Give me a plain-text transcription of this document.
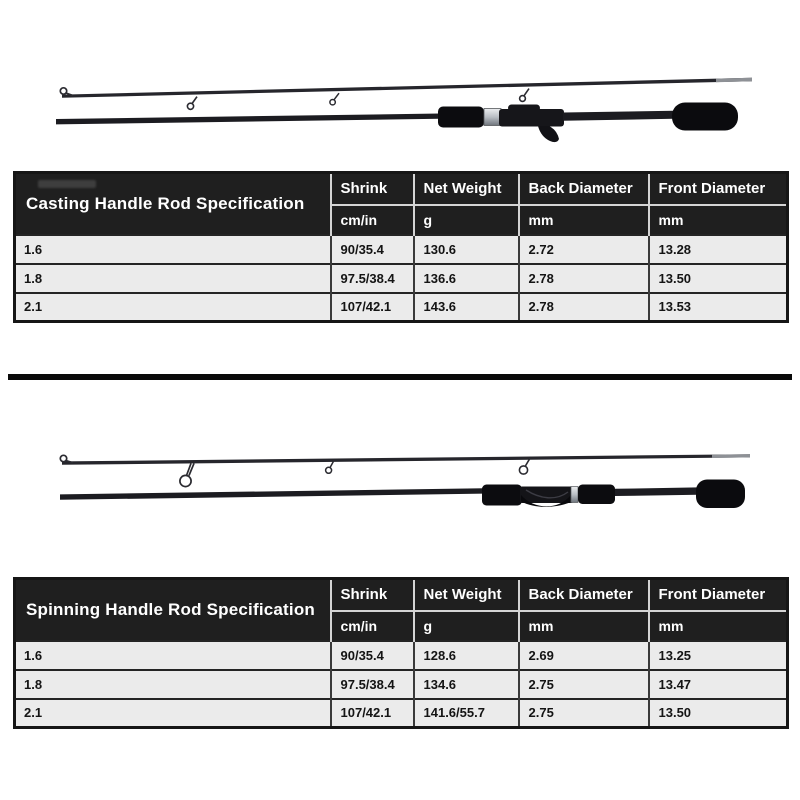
Casting Handle Rod Specification	Shrink	Net Weight	Back Diameter	Front Diameter
	cm/in	g	mm	mm
1.6	90/35.4	130.6	2.72	13.28
1.8	97.5/38.4	136.6	2.78	13.50
2.1	107/42.1	143.6	2.78	13.53
Spinning Handle Rod Specification	Shrink	Net Weight	Back Diameter	Front Diameter
	cm/in	g	mm	mm
1.6	90/35.4	128.6	2.69	13.25
1.8	97.5/38.4	134.6	2.75	13.47
2.1	107/42.1	141.6/55.7	2.75	13.50
